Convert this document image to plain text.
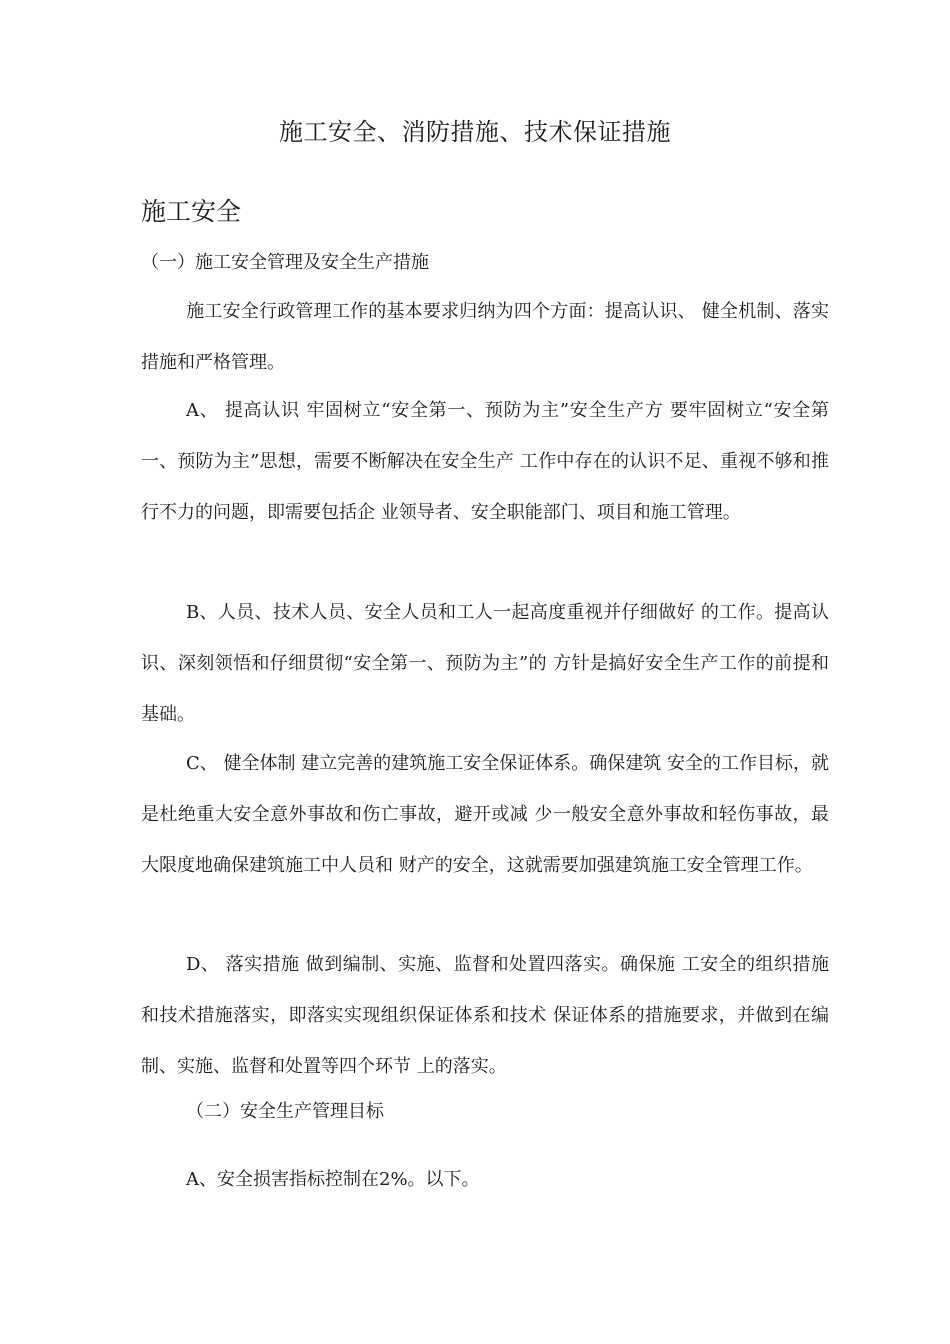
施工安全、消防措施、技术保证措施
施工安全
（一）施工安全管理及安全生产措施
施工安全行政管理工作的基本要求归纳为四个方面：提高认识、 健全机制、落实措施和严格管理。
A、 提高认识 牢固树立“安全第一、预防为主”安全生产方 要牢固树立“安全第一、预防为主”思想，需要不断解决在安全生产 工作中存在的认识不足、重视不够和推行不力的问题，即需要包括企 业领导者、安全职能部门、项目和施工管理。
B、人员、技术人员、安全人员和工人一起高度重视并仔细做好 的工作。提高认识、深刻领悟和仔细贯彻“安全第一、预防为主”的 方针是搞好安全生产工作的前提和基础。
C、 健全体制 建立完善的建筑施工安全保证体系。确保建筑 安全的工作目标，就是杜绝重大安全意外事故和伤亡事故，避开或减 少一般安全意外事故和轻伤事故，最大限度地确保建筑施工中人员和 财产的安全，这就需要加强建筑施工安全管理工作。
D、 落实措施 做到编制、实施、监督和处置四落实。确保施 工安全的组织措施和技术措施落实，即落实实现组织保证体系和技术 保证体系的措施要求，并做到在编制、实施、监督和处置等四个环节 上的落实。
（二）安全生产管理目标
A、安全损害指标控制在2%。以下。
